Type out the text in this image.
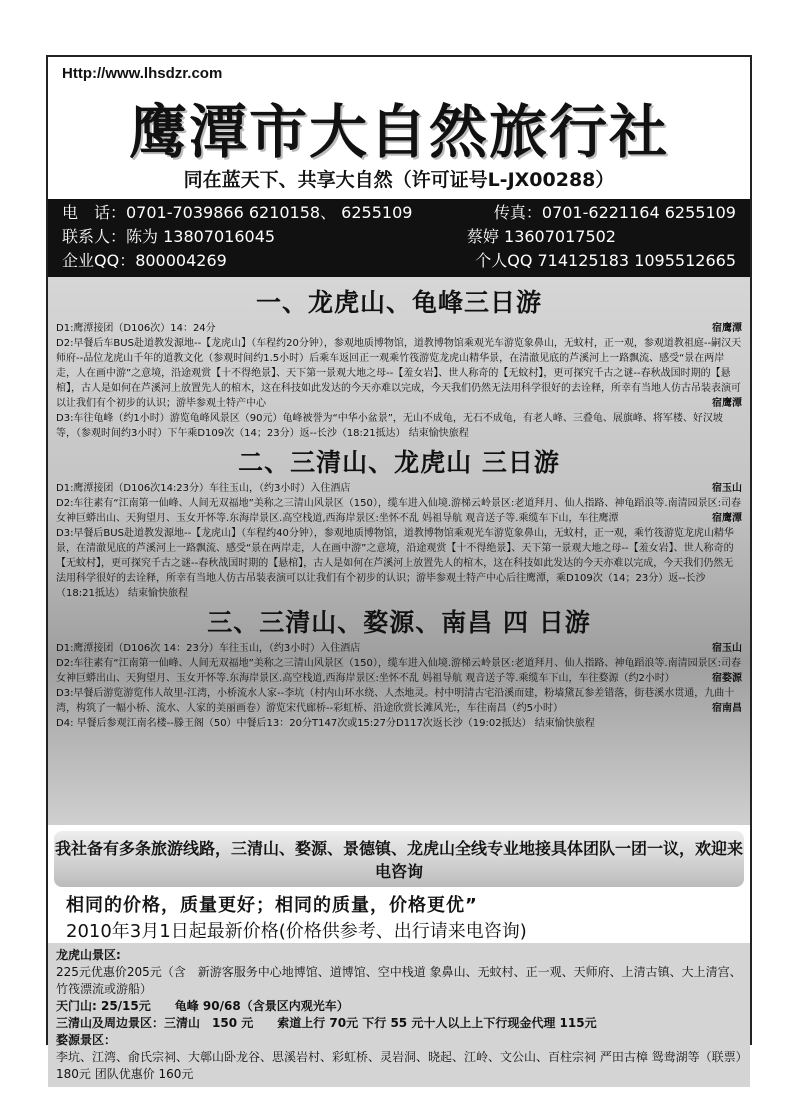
Http://www.lhsdzr.com
鹰潭市大自然旅行社
同在蓝天下、共享大自然（许可证号L-JX00288）
电　话：0701-7039866 6210158、 6255109	传真：0701-6221164 6255109
联系人：陈为 13807016045	蔡婷 13607017502
企业QQ：800004269	个人QQ 714125183 1095512665
一、龙虎山、龟峰三日游

宿鹰潭
D1:鹰潭接团（D106次）14：24分

D2:早餐后车BUS赴道教发源地--【龙虎山】（车程约20分钟），参观地质博物馆，道教博物馆乘观光车游览象鼻山，无蚊村，正一观，参观道教祖庭--嗣汉天师府--品位龙虎山千年的道教文化（参观时间约1.5小时）后乘车返回正一观乘竹筏游览龙虎山精华景，在清澈见底的芦溪河上一路飘流、感受“景在两岸走，人在画中游”之意境，沿途观赏【十不得绝景】、天下第一景观大地之母--【羞女岩】、世人称奇的【无蚊村】，更可探究千古之谜--春秋战国时期的【悬棺】，古人是如何在芦溪河上放置先人的棺木，这在科技如此发达的今天亦难以完成，今天我们仍然无法用科学很好的去诠释，所幸有当地人仿古吊装表演可以让我们有个初步的认识；游毕参观土特产中心	宿鹰潭

D3:车往龟峰（约1小时）游览龟峰风景区（90元）龟峰被誉为“中华小盆景”，无山不成龟，无石不成龟，有老人峰、三叠龟、展旗峰、将军楼、好汉坡等，（参观时间约3小时）下午乘D109次（14；23分）返--长沙（18:21抵达） 结束愉快旅程

二、三清山、龙虎山 三日游

宿玉山
D1:鹰潭接团（D106次14:23分）车往玉山，（约3小时）入住酒店

D2:车往素有“江南第一仙峰、人间无双福地”美称之三清山风景区（150），缆车进入仙境.游梯云岭景区:老道拜月、仙人指路、神龟蹈浪等.南清园景区:司春女神巨蟒出山、天狗望月、玉女开怀等.东海岸景区.高空栈道,西海岸景区:坐怀不乱 妈祖导航 观音送子等.乘缆车下山，车往鹰潭	宿鹰潭

D3:早餐后BUS赴道教发源地--【龙虎山】（车程约40分钟），参观地质博物馆，道教博物馆乘观光车游览象鼻山，无蚊村，正一观，乘竹筏游览龙虎山精华景，在清澈见底的芦溪河上一路飘流、感受“景在两岸走，人在画中游”之意境，沿途观赏【十不得绝景】、天下第一景观大地之母--【羞女岩】、世人称奇的【无蚊村】，更可探究千古之谜--春秋战国时期的【悬棺】，古人是如何在芦溪河上放置先人的棺木，这在科技如此发达的今天亦难以完成，今天我们仍然无法用科学很好的去诠释，所幸有当地人仿古吊装表演可以让我们有个初步的认识；游毕参观土特产中心后往鹰潭，乘D109次（14；23分）返--长沙（18:21抵达） 结束愉快旅程

三、三清山、婺源、南昌 四 日游

宿玉山
D1:鹰潭接团（D106次 14：23分）车往玉山，（约3小时）入住酒店

D2:车往素有“江南第一仙峰、人间无双福地”美称之三清山风景区（150），缆车进入仙境.游梯云岭景区:老道拜月、仙人指路、神龟蹈浪等.南清园景区:司春女神巨蟒出山、天狗望月、玉女开怀等.东海岸景区.高空栈道,西海岸景区:坐怀不乱 妈祖导航 观音送子等.乘缆车下山，车往婺源（约2小时）	宿婺源

D3:早餐后游览游览伟人故里-江湾，小桥流水人家--李坑（村内山环水绕、人杰地灵。村中明清古宅沿溪而建，粉墙黛瓦参差错落，街巷溪水贯通，九曲十湾，构筑了一幅小桥、流水、人家的美丽画卷）游览宋代廊桥--彩虹桥、沿途欣赏长滩风光:，车往南昌（约5小时）	宿南昌

D4: 早餐后参观江南名楼--滕王阁（50）中餐后13：20分T147次或15:27分D117次返长沙（19:02抵达） 结束愉快旅程

我社备有多条旅游线路，三清山、婺源、景德镇、龙虎山全线专业地接具体团队一团一议，欢迎来电咨询
相同的价格，质量更好；相同的质量，价格更优”
2010年3月1日起最新价格(价格供参考、出行请来电咨询)
龙虎山景区:
225元优惠价205元（含　新游客服务中心地博馆、道博馆、空中栈道 象鼻山、无蚊村、正一观、天师府、上清古镇、大上清宫、　竹筏漂流或游船）
天门山: 25/15元　　龟峰 90/68（含景区内观光车）
三清山及周边景区：三清山　150 元　　索道上行 70元 下行 55 元十人以上上下行现金代理 115元
婺源景区：
李坑、江湾、俞氏宗祠、大鄣山卧龙谷、思溪岩村、彩虹桥、灵岩洞、晓起、江岭、文公山、百柱宗祠 严田古樟 鸳鸯湖等（联票）　180元 团队优惠价 160元
